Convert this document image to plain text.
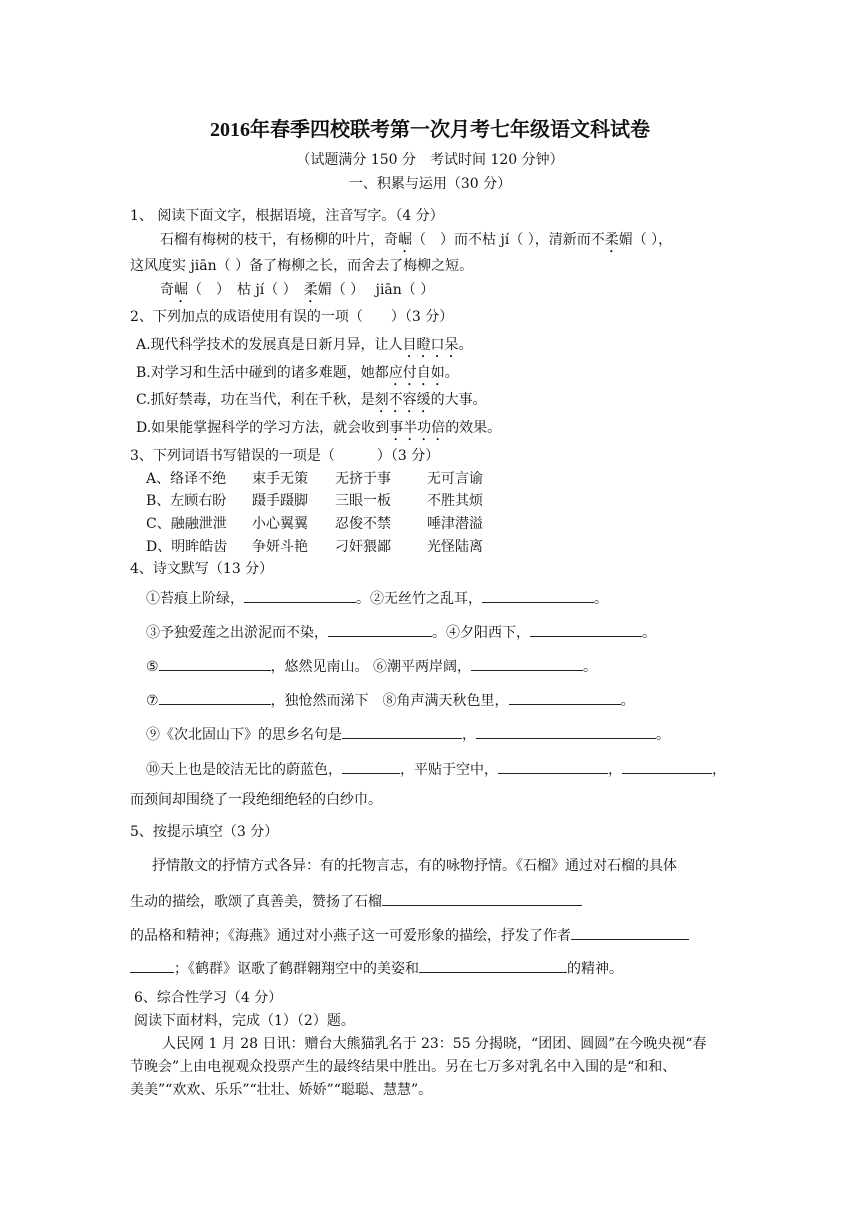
2016年春季四校联考第一次月考七年级语文科试卷
（试题满分 150 分　考试时间 120 分钟）
一、积累与运用（30 分）
1、 阅读下面文字，根据语境，注音写字。（4 分）
石榴有梅树的枝干，有杨柳的叶片，奇崛（　）而不枯 jí（ ），清新而不柔媚（ ），
这风度实 jiān（ ）备了梅柳之长，而舍去了梅柳之短。
奇崛（　）　枯 jí（ ）　柔媚（ ）　 jiān（ ）
2、下列加点的成语使用有误的一项（　　）（3 分）
A.现代科学技术的发展真是日新月异，让人目瞪口呆。
B.对学习和生活中碰到的诸多难题，她都应付自如。
C.抓好禁毒，功在当代，利在千秋，是刻不容缓的大事。
D.如果能掌握科学的学习方法，就会收到事半功倍的效果。
3、下列词语书写错误的一项是（　　　）（3 分）
A、络译不绝 束手无策 无挤于事	无可言谕
B、左顾右盼 蹑手蹑脚 三眼一板	不胜其烦
C、融融泄泄 小心翼翼 忍俊不禁	唾津潜溢
D、明眸皓齿 争妍斗艳 刁奸猥鄙	光怪陆离
4、诗文默写（13 分）
①苔痕上阶绿，	。②无丝竹之乱耳，	。
③予独爱莲之出淤泥而不染，	。④夕阳西下，	。
⑤	，悠然见南山。 ⑥潮平两岸阔，	。
⑦	，独怆然而涕下　⑧角声满天秋色里，	。
⑨《次北固山下》的思乡名句是	，	。
⑩天上也是皎洁无比的蔚蓝色，	，平贴于空中，	，	，
而颈间却围绕了一段绝细绝轻的白纱巾。
5、按提示填空（3 分）
抒情散文的抒情方式各异：有的托物言志，有的咏物抒情。《石榴》通过对石榴的具体
生动的描绘，歌颂了真善美，赞扬了石榴
的品格和精神；《海燕》通过对小燕子这一可爱形象的描绘，抒发了作者
；《鹤群》讴歌了鹤群翱翔空中的美姿和	的精神。
6、综合性学习（4 分）
阅读下面材料，完成（1）（2）题。
人民网 1 月 28 日讯：赠台大熊猫乳名于 23：55 分揭晓，“团团、圆圆”在今晚央视“春
节晚会”上由电视观众投票产生的最终结果中胜出。另在七万多对乳名中入围的是“和和、
美美”“欢欢、乐乐”“壮壮、娇娇”“聪聪、慧慧”。
